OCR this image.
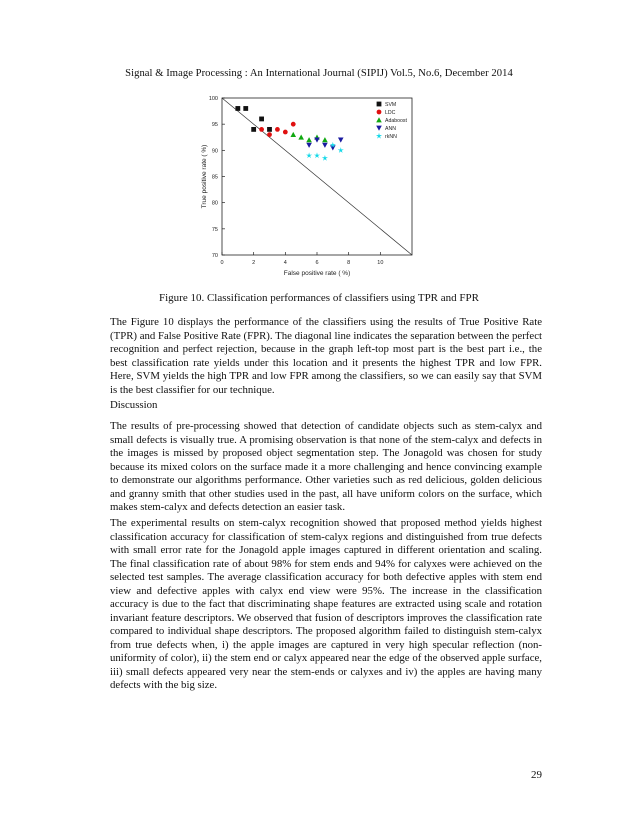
Signal & Image Processing : An International Journal (SIPIJ) Vol.5, No.6, December 2014
0	2	4	6	8	10
70
75
80
85
90
95
100
False positive rate ( %)
True positive rate ( %)
SVM
LDC
Adaboost
ANN
rkNN
Figure 10. Classification performances of classifiers using TPR and FPR

The Figure 10 displays the performance of the classifiers using the results of True Positive Rate (TPR) and False Positive Rate (FPR). The diagonal line indicates the separation between the perfect recognition and perfect rejection, because in the graph left-top most part is the best part i.e., the best classification rate yields under this location and it presents the highest TPR and low FPR. Here, SVM yields the high TPR and low FPR among the classifiers, so we can easily say that SVM is the best classifier for our technique.

Discussion

The results of pre-processing showed that detection of candidate objects such as stem-calyx and small defects is visually true. A promising observation is that none of the stem-calyx and defects in the images is missed by proposed object segmentation step. The Jonagold was chosen for study because its mixed colors on the surface made it a more challenging and hence convincing example to demonstrate our algorithms performance. Other varieties such as red delicious, golden delicious and granny smith that other studies used in the past, all have uniform colors on the surface, which makes stem-calyx and defects detection an easier task.

The experimental results on stem-calyx recognition showed that proposed method yields highest classification accuracy for classification of stem-calyx regions and distinguished from true defects with small error rate for the Jonagold apple images captured in different orientation and scaling. The final classification rate of about 98% for stem ends and 94% for calyxes were achieved on the selected test samples. The average classification accuracy for both defective apples with stem end view and defective apples with calyx end view were 95%. The increase in the classification accuracy is due to the fact that discriminating shape features are extracted using scale and rotation invariant feature descriptors. We observed that fusion of descriptors improves the classification rate compared to individual shape descriptors. The proposed algorithm failed to distinguish stem-calyx from true defects when, i) the apple images are captured in very high specular reflection (non-uniformity of color), ii) the stem end or calyx appeared near the edge of the observed apple surface, iii) small defects appeared very near the stem-ends or calyxes and iv) the apples are having many defects with the big size.

29
